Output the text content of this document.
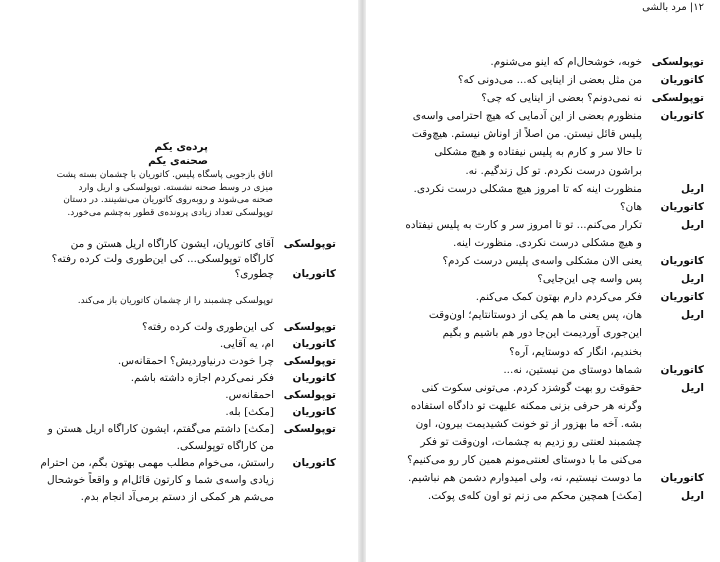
۱۲| مرد بالشی
توپولسکی
خوبه، خوشحال‌ام که اینو می‌شنوم.
کاتوریان
من مثل بعضی از اینایی که... می‌دونی که؟
توپولسکی
نه نمی‌دونم؟ بعضی از اینایی که چی؟
کاتوریان
منظورم بعضی از این آدمایی که هیچ احترامی واسه‌ی
پلیس قائل نیستن. من اصلاً از اوناش نیستم. هیچ‌وقت
تا حالا سر و کارم به پلیس نیفتاده و هیچ مشکلی
براشون درست نکردم. تو کل زندگیم. نه.
اریل
منظورت اینه که تا امروز هیچ مشکلی درست نکردی.
کاتوریان
هان؟
اریل
تکرار می‌کنم... تو تا امروز سر و کارت به پلیس نیفتاده
و هیچ مشکلی درست نکردی. منظورت اینه.
کاتوریان
یعنی الان مشکلی واسه‌ی پلیس درست کردم؟
اریل
پس واسه چی این‌جایی؟
کاتوریان
فکر می‌کردم دارم بهتون کمک می‌کنم.
اریل
هان، پس یعنی ما هم یکی از دوستانتایم؛ اون‌وقت
این‌جوری آوردیمت این‌جا دور هم باشیم و بگیم
بخندیم، انگار که دوستایم، آره؟
کاتوریان
شماها دوستای من نیستین، نه...
اریل
حقوقت رو بهت گوشزد کردم. می‌تونی سکوت کنی
وگرنه هر حرفی بزنی ممکنه علیهت تو دادگاه استفاده
بشه. آخه ما بهزور از تو خونت کشیدیمت بیرون، اون
چشمبند لعنتی رو زدیم به چشمات، اون‌وقت تو فکر
می‌کنی ما با دوستای لعنتی‌مونم همین کار رو می‌کنیم؟
کاتوریان
ما دوست نیستیم، نه، ولی امیدوارم دشمن هم نباشیم.
اریل
[مکث] همچین محکم می زنم تو اون کله‌ی پوکت.
پرده‌ی یکم
صحنه‌ی یکم
اتاق بازجویی پاسگاه پلیس. کاتوریان با چشمان بسته پشت
میزی در وسط صحنه نشسته. توپولسکی و اریل وارد
صحنه می‌شوند و روبه‌روی کاتوریان می‌نشینند. در دستان
توپولسکی تعداد زیادی پرونده‌ی قطور به‌چشم می‌خورد.
توپولسکی
آقای کاتوریان، ایشون کاراگاه اریل هستن و من
کاراگاه توپولسکی... کی این‌طوری ولت کرده رفته؟
کاتوریان
چطوری؟
توپولسکی چشمبند را از چشمان کاتوریان باز می‌کند.
توپولسکی
کی این‌طوری ولت کرده رفته؟
کاتوریان
ام، یه آقایی.
توپولسکی
چرا خودت درنیاوردیش؟ احمقانه‌س.
کاتوریان
فکر نمی‌کردم اجازه داشته باشم.
توپولسکی
احمقانه‌س.
کاتوریان
[مکث] بله.
توپولسکی
[مکث] داشتم می‌گفتم، ایشون کاراگاه اریل هستن و
من کاراگاه توپولسکی.
کاتوریان
راستش، می‌خوام مطلب مهمی بهتون بگم، من احترام
زیادی واسه‌ی شما و کارتون قائل‌ام و واقعاً خوشحال
می‌شم هر کمکی از دستم برمی‌آد انجام بدم.
